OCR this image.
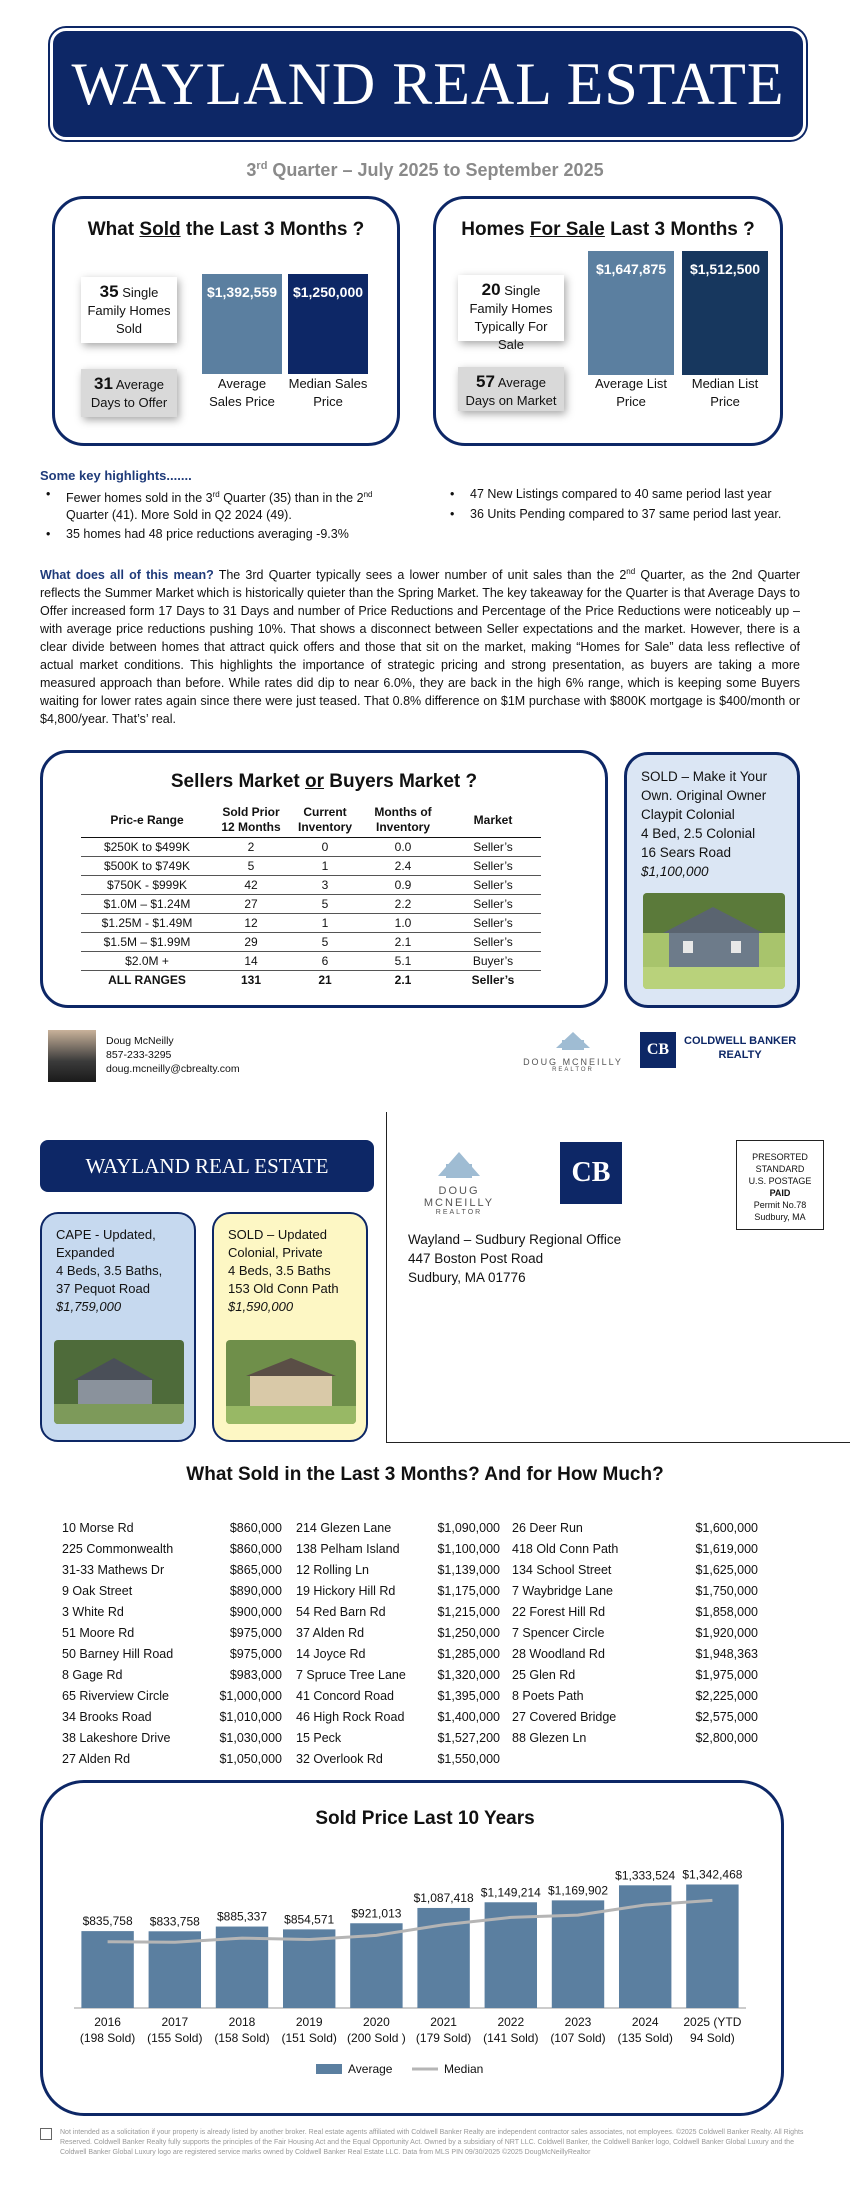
WAYLAND REAL ESTATE
3rd Quarter – July 2025 to September 2025
What Sold the Last 3 Months ?
35 Single Family Homes Sold
31 Average Days to Offer
$1,392,559	$1,250,000
Average Sales Price
Median Sales Price
Homes For Sale Last 3 Months ?
20 Single Family Homes Typically For Sale
57 Average Days on Market
$1,647,875	$1,512,500
Average List Price
Median List Price
Some key highlights.......
• Fewer homes sold in the 3rd Quarter (35) than in the 2nd Quarter (41). More Sold in Q2 2024 (49).
• 35 homes had 48 price reductions averaging -9.3%
• 47 New Listings compared to 40 same period last year
• 36 Units Pending compared to 37 same period last year.
What does all of this mean? The 3rd Quarter typically sees a lower number of unit sales than the 2nd Quarter, as the 2nd Quarter reflects the Summer Market which is historically quieter than the Spring Market. The key takeaway for the Quarter is that Average Days to Offer increased form 17 Days to 31 Days and number of Price Reductions and Percentage of the Price Reductions were noticeably up – with average price reductions pushing 10%. That shows a disconnect between Seller expectations and the market. However, there is a clear divide between homes that attract quick offers and those that sit on the market, making “Homes for Sale” data less reflective of actual market conditions. This highlights the importance of strategic pricing and strong presentation, as buyers are taking a more measured approach than before. While rates did dip to near 6.0%, they are back in the high 6% range, which is keeping some Buyers waiting for lower rates again since there were just teased. That 0.8% difference on $1M purchase with $800K mortgage is $400/month or $4,800/year. That’s’ real.
Sellers Market or Buyers Market ?
Pric-e Range	Sold Prior 12 Months	Current Inventory	Months of Inventory	Market
$250K to $499K	2	0	0.0	Seller’s
$500K to $749K	5	1	2.4	Seller’s
$750K - $999K	42	3	0.9	Seller’s
$1.0M – $1.24M	27	5	2.2	Seller’s
$1.25M - $1.49M	12	1	1.0	Seller’s
$1.5M – $1.99M	29	5	2.1	Seller’s
$2.0M +	14	6	5.1	Buyer’s
ALL RANGES	131	21	2.1	Seller’s
SOLD – Make it Your Own. Original Owner Claypit Colonial
4 Bed, 2.5 Colonial
16 Sears Road
$1,100,000
Doug McNeilly
857-233-3295
doug.mcneilly@cbrealty.com
DOUG MCNEILLY
REALTOR
CB	COLDWELL BANKER
REALTY
WAYLAND REAL ESTATE
CAPE - Updated, Expanded
4 Beds, 3.5 Baths,
37 Pequot Road
$1,759,000
SOLD – Updated Colonial, Private
4 Beds, 3.5 Baths
153 Old Conn Path
$1,590,000
DOUG MCNEILLY
REALTOR
CB	PRESORTED
STANDARD
U.S. POSTAGE
PAID
Permit No.78
Sudbury, MA
Wayland – Sudbury Regional Office
447 Boston Post Road
Sudbury, MA 01776
What Sold in the Last 3 Months? And for How Much?
10 Morse Rd	$860,000
225 Commonwealth	$860,000
31-33 Mathews Dr	$865,000
9 Oak Street	$890,000
3 White Rd	$900,000
51 Moore Rd	$975,000
50 Barney Hill Road	$975,000
8 Gage Rd	$983,000
65 Riverview Circle	$1,000,000
34 Brooks Road	$1,010,000
38 Lakeshore Drive	$1,030,000
27 Alden Rd	$1,050,000
214 Glezen Lane	$1,090,000
138 Pelham Island	$1,100,000
12 Rolling Ln	$1,139,000
19 Hickory Hill Rd	$1,175,000
54 Red Barn Rd	$1,215,000
37 Alden Rd	$1,250,000
14 Joyce Rd	$1,285,000
7 Spruce Tree Lane	$1,320,000
41 Concord Road	$1,395,000
46 High Rock Road	$1,400,000
15 Peck	$1,527,200
32 Overlook Rd	$1,550,000
26 Deer Run	$1,600,000
418 Old Conn Path	$1,619,000
134 School Street	$1,625,000
7 Waybridge Lane	$1,750,000
22 Forest Hill Rd	$1,858,000
7 Spencer Circle	$1,920,000
28 Woodland Rd	$1,948,363
25 Glen Rd	$1,975,000
8 Poets Path	$2,225,000
27 Covered Bridge	$2,575,000
88 Glezen Ln	$2,800,000
Sold Price Last 10 Years
$835,758
2016
(198 Sold)
$833,758
2017
(155 Sold)
$885,337
2018
(158 Sold)
$854,571
2019
(151 Sold)
$921,013
2020
(200 Sold )
$1,087,418
2021
(179 Sold)
$1,149,214
2022
(141 Sold)
$1,169,902
2023
(107 Sold)
$1,333,524
2024
(135 Sold)
$1,342,468
2025 (YTD
94 Sold)
Average	Median
Not intended as a solicitation if your property is already listed by another broker. Real estate agents affiliated with Coldwell Banker Realty are independent contractor sales associates, not employees. ©2025 Coldwell Banker Realty. All Rights Reserved. Coldwell Banker Realty fully supports the principles of the Fair Housing Act and the Equal Opportunity Act. Owned by a subsidiary of NRT LLC. Coldwell Banker, the Coldwell Banker logo, Coldwell Banker Global Luxury and the Coldwell Banker Global Luxury logo are registered service marks owned by Coldwell Banker Real Estate LLC. Data from MLS PIN 09/30/2025 ©2025 DougMcNeillyRealtor
